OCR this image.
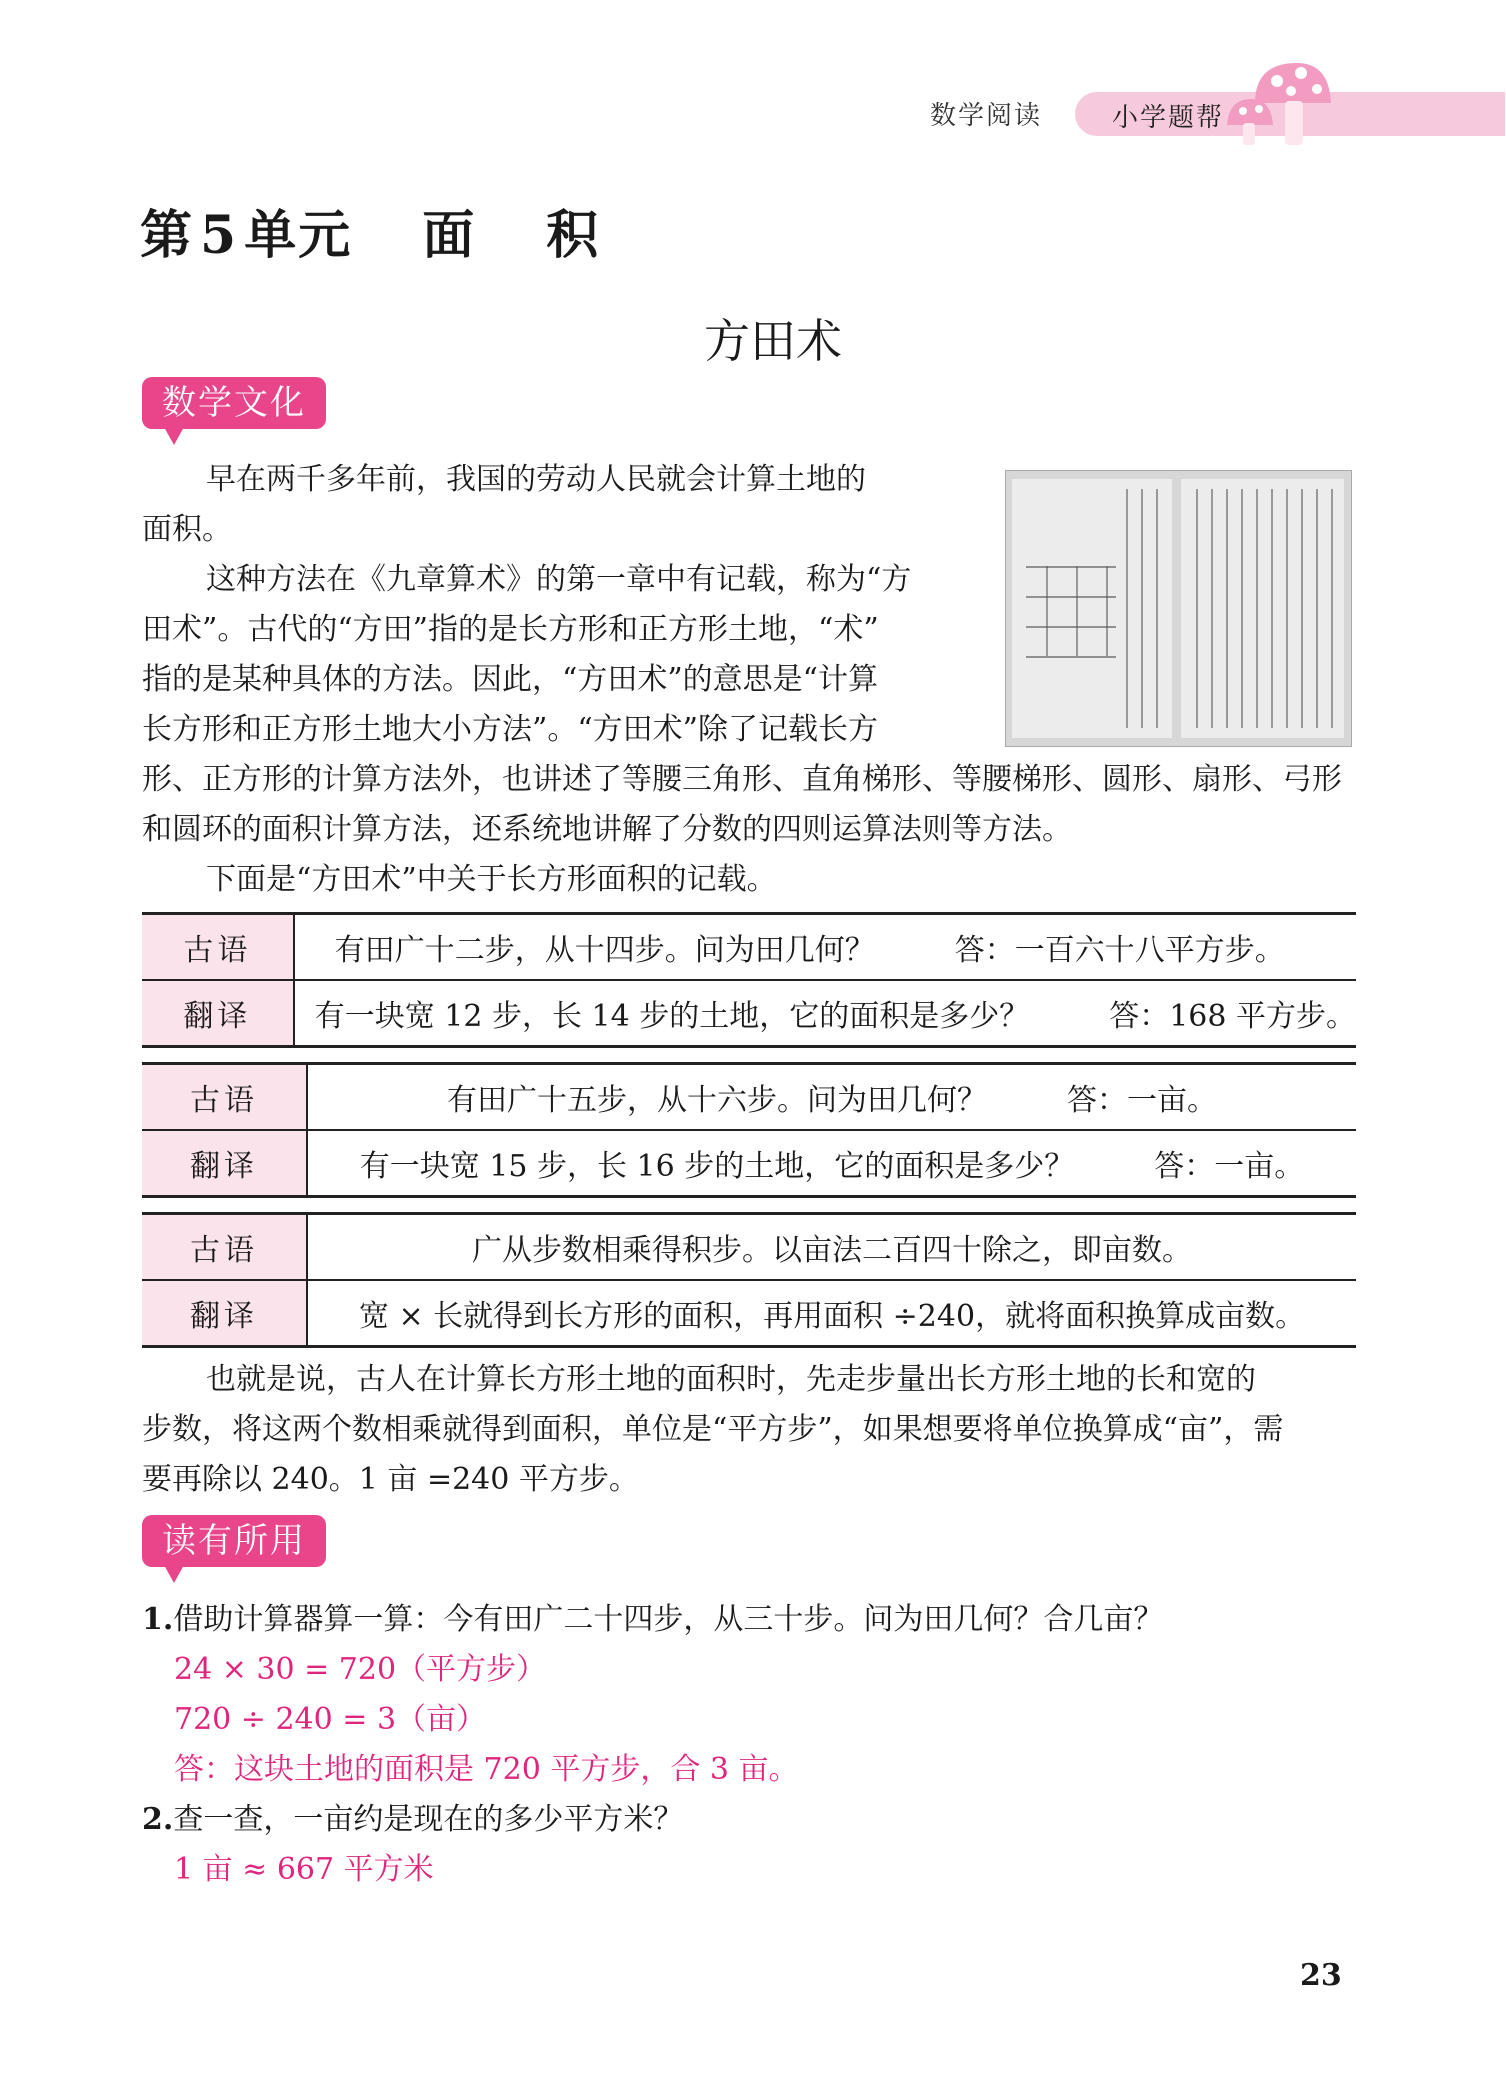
数学阅读	小学题帮
第 5 单元 面 积
方田术
数学文化
早在两千多年前，我国的劳动人民就会计算土地的
面积。
这种方法在《九章算术》的第一章中有记载，称为“方
田术”。古代的“方田”指的是长方形和正方形土地，“术”
指的是某种具体的方法。因此，“方田术”的意思是“计算
长方形和正方形土地大小方法”。“方田术”除了记载长方
形、正方形的计算方法外，也讲述了等腰三角形、直角梯形、等腰梯形、圆形、扇形、弓形
和圆环的面积计算方法，还系统地讲解了分数的四则运算法则等方法。
下面是“方田术”中关于长方形面积的记载。
古语	有田广十二步，从十四步。问为田几何？ 答：一百六十八平方步。
翻译	有一块宽 12 步，长 14 步的土地，它的面积是多少？ 答：168 平方步。
古语	有田广十五步，从十六步。问为田几何？ 答：一亩。
翻译	有一块宽 15 步，长 16 步的土地，它的面积是多少？ 答：一亩。
古语	广从步数相乘得积步。以亩法二百四十除之，即亩数。
翻译	宽 × 长就得到长方形的面积，再用面积 ÷240，就将面积换算成亩数。
也就是说，古人在计算长方形土地的面积时，先走步量出长方形土地的长和宽的
步数，将这两个数相乘就得到面积，单位是“平方步”，如果想要将单位换算成“亩”，需
要再除以 240。1 亩 =240 平方步。
读有所用
1.借助计算器算一算：今有田广二十四步，从三十步。问为田几何？合几亩？
24 × 30 = 720（平方步）
720 ÷ 240 = 3（亩）
答：这块土地的面积是 720 平方步，合 3 亩。
2.查一查，一亩约是现在的多少平方米？
1 亩 ≈ 667 平方米
23
